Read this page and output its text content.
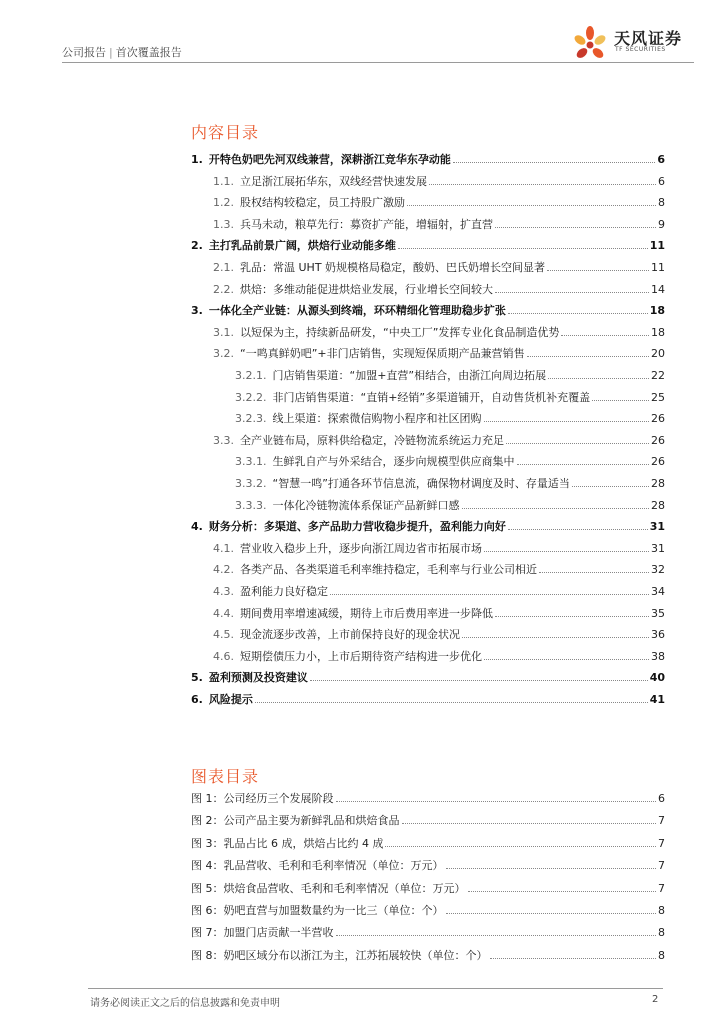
公司报告 | 首次覆盖报告
天风证券
TF SECURITIES
内容目录
1. 开特色奶吧先河双线兼营，深耕浙江竞华东孕动能	6
1.1. 立足浙江展拓华东，双线经营快速发展	6
1.2. 股权结构较稳定，员工持股广激励	8
1.3. 兵马未动，粮草先行：募资扩产能，增辐射，扩直营	9
2. 主打乳品前景广阔，烘焙行业动能多维	11
2.1. 乳品：常温 UHT 奶规模格局稳定，酸奶、巴氏奶增长空间显著	11
2.2. 烘焙：多维动能促进烘焙业发展，行业增长空间较大	14
3. 一体化全产业链：从源头到终端，环环精细化管理助稳步扩张	18
3.1. 以短保为主，持续新品研发，“中央工厂”发挥专业化食品制造优势	18
3.2. “一鸣真鲜奶吧”+非门店销售，实现短保质期产品兼营销售	20
3.2.1. 门店销售渠道：“加盟+直营”相结合，由浙江向周边拓展	22
3.2.2. 非门店销售渠道：“直销+经销”多渠道铺开，自动售货机补充覆盖	25
3.2.3. 线上渠道：探索微信购物小程序和社区团购	26
3.3. 全产业链布局，原料供给稳定，冷链物流系统运力充足	26
3.3.1. 生鲜乳自产与外采结合，逐步向规模型供应商集中	26
3.3.2. “智慧一鸣”打通各环节信息流，确保物材调度及时、存量适当	28
3.3.3. 一体化冷链物流体系保证产品新鲜口感	28
4. 财务分析：多渠道、多产品助力营收稳步提升，盈利能力向好	31
4.1. 营业收入稳步上升，逐步向浙江周边省市拓展市场	31
4.2. 各类产品、各类渠道毛利率维持稳定，毛利率与行业公司相近	32
4.3. 盈利能力良好稳定	34
4.4. 期间费用率增速减缓，期待上市后费用率进一步降低	35
4.5. 现金流逐步改善，上市前保持良好的现金状况	36
4.6. 短期偿债压力小，上市后期待资产结构进一步优化	38
5. 盈利预测及投资建议	40
6. 风险提示	41
图表目录
图 1：公司经历三个发展阶段	6
图 2：公司产品主要为新鲜乳品和烘焙食品	7
图 3：乳品占比 6 成，烘焙占比约 4 成	7
图 4：乳品营收、毛利和毛利率情况（单位：万元）	7
图 5：烘焙食品营收、毛利和毛利率情况（单位：万元）	7
图 6：奶吧直营与加盟数量约为一比三（单位：个）	8
图 7：加盟门店贡献一半营收	8
图 8：奶吧区域分布以浙江为主，江苏拓展较快（单位：个）	8
请务必阅读正文之后的信息披露和免责申明	2
